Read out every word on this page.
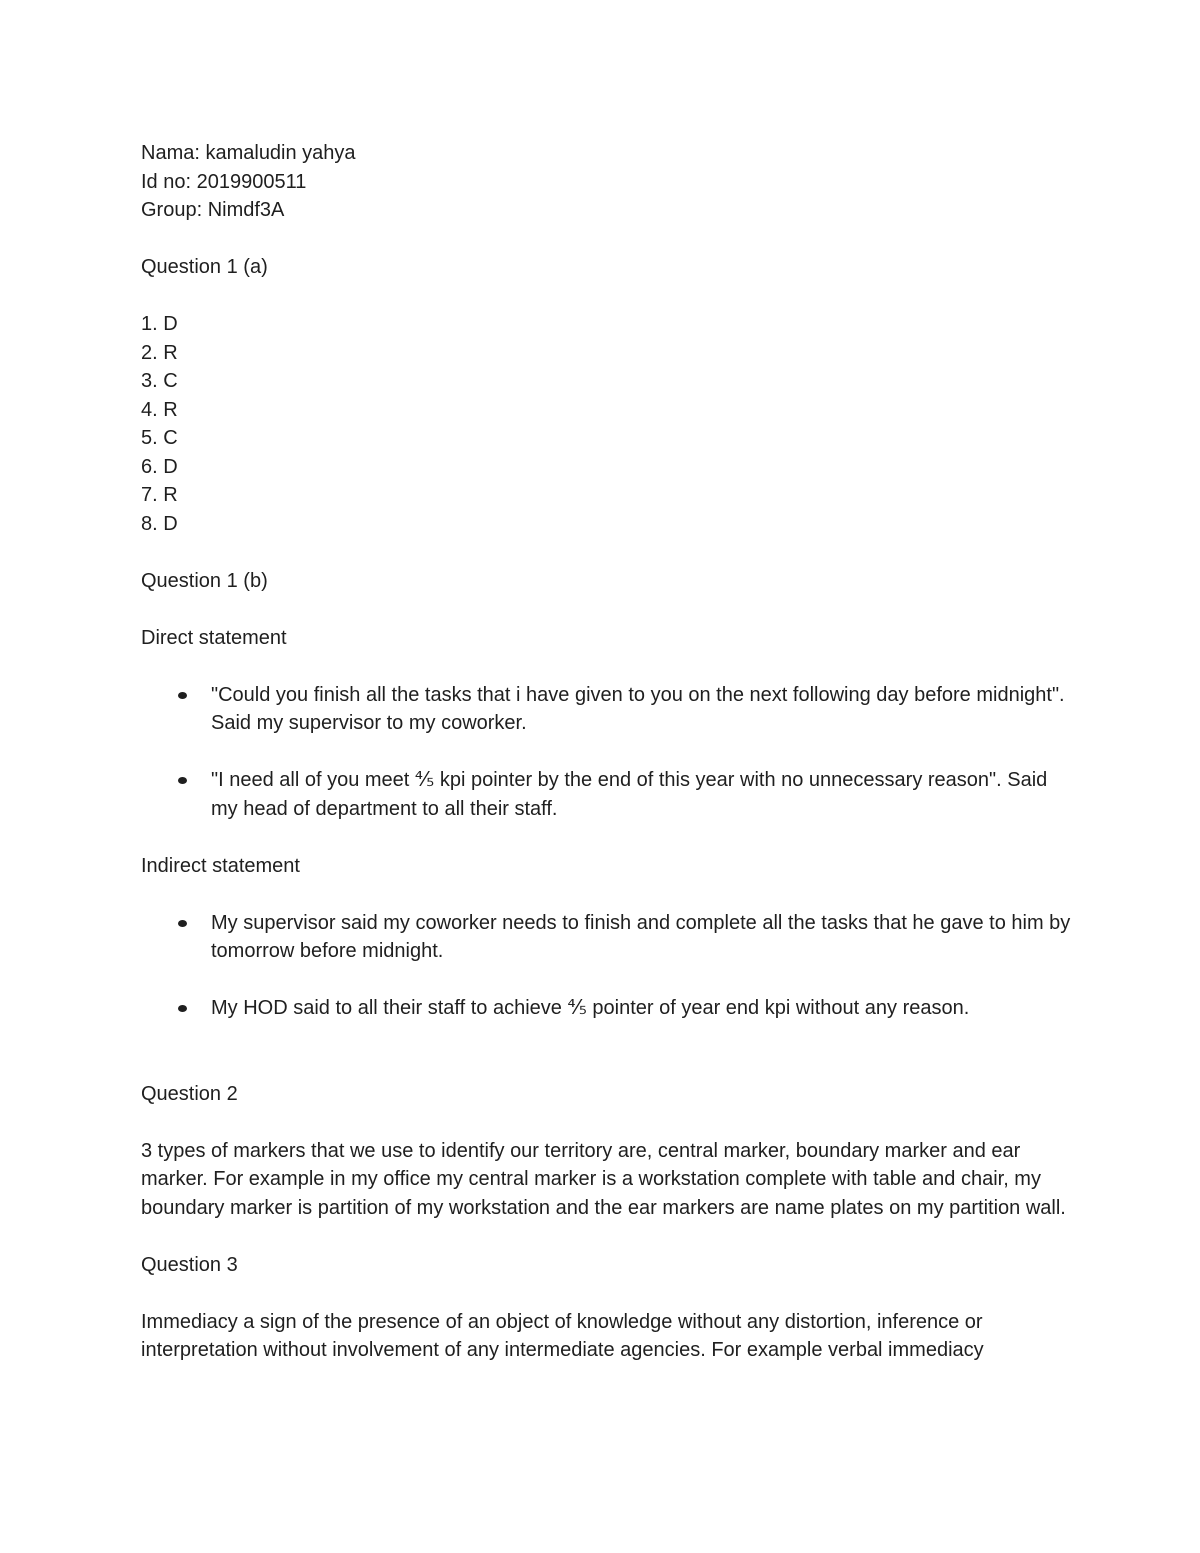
Nama: kamaludin yahya

Id no: 2019900511

Group: Nimdf3A

Question 1 (a)

1. D

2. R

3. C

4. R

5. C

6. D

7. R

8. D

Question 1 (b)

Direct statement

"Could you finish all the tasks that i have given to you on the next following day before midnight". Said my supervisor to my coworker.
"I need all of you meet ⅘ kpi pointer by the end of this year with no unnecessary reason". Said my head of department to all their staff.

Indirect statement

My supervisor said my coworker needs to finish and complete all the tasks that he gave to him by tomorrow before midnight.
My HOD said to all their staff to achieve ⅘ pointer of year end kpi without any reason.

Question 2

3 types of markers that we use to identify our territory are, central marker, boundary marker and ear marker. For example in my office my central marker is a workstation complete with table and chair, my boundary marker is partition of my workstation and the ear markers are name plates on my partition wall.

Question 3

Immediacy a sign of the presence of an object of knowledge without any distortion, inference or interpretation without involvement of any intermediate agencies. For example verbal immediacy
